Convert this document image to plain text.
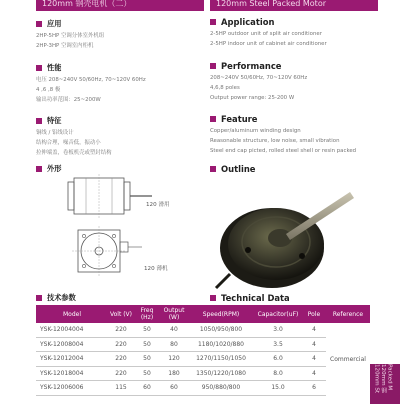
120mm 钢壳电机（二）	120mm Steel Packed Motor
应用
2HP-5HP 空调分体室外机组
2HP-3HP 空调室内柜机
性能
电压 208~240V 50/60Hz, 70~120V 60Hz
4 ,6 ,8 极
输出功率范围：25~200W
特征
铜线 / 铝线设计
结构合理，噪音低，振动小
拉伸端盖，卷板机壳或塑封结构
外形
120 滑用
120 薄机
技术参数
Application
2-5HP outdoor unit of split air conditioner
2-5HP indoor unit of cabinet air conditioner
Performance
208~240V 50/60Hz, 70~120V 60Hz
4,6,8 poles
Output power range: 25-200 W
Feature
Copper/aluminum winding design
Reasonable structure, low noise, small vibration
Steel end cap picted, rolled steel shell or resin packed
Outline
Technical Data
Model	Volt (V)	Freq (Hz)	Output (W)	Speed(RPM)	Capacitor(uF)	Pole	Reference
YSK-12004004	220	50	40	1050/950/800	3.0	4	Commercial
YSK-12008004	220	50	80	1180/1020/880	3.5	4	
YSK-12012004	220	50	120	1270/1150/1050	6.0	4	
YSK-12018004	220	50	180	1350/1220/1080	8.0	4	
YSK-12006006	115	60	60	950/880/800	15.0	6		120mm St120mm 钢Packed M
